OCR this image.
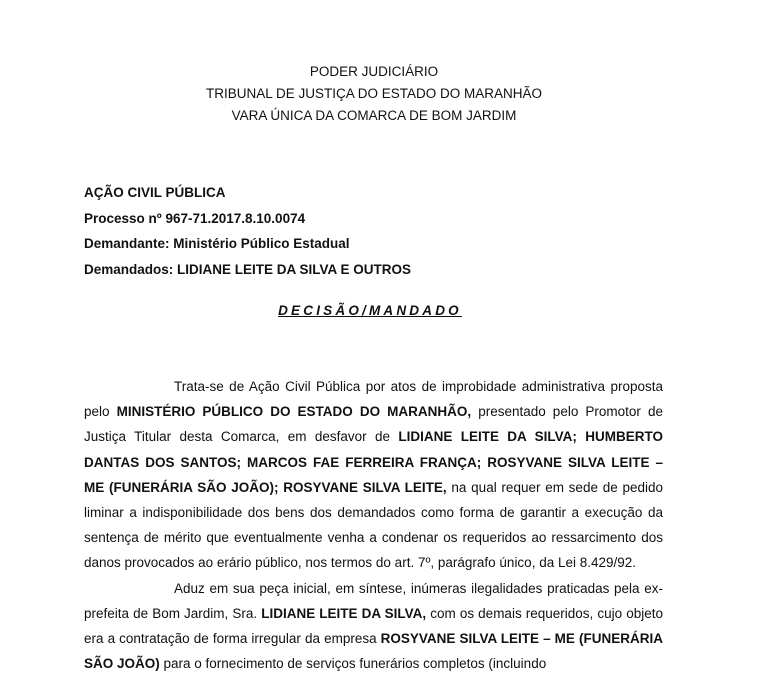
PODER JUDICIÁRIO
TRIBUNAL DE JUSTIÇA DO ESTADO DO MARANHÃO
VARA ÚNICA DA COMARCA DE BOM JARDIM
AÇÃO CIVIL PÚBLICA
Processo nº 967-71.2017.8.10.0074
Demandante: Ministério Público Estadual
Demandados: LIDIANE LEITE DA SILVA E OUTROS
DECISÃO/MANDADO

Trata-se de Ação Civil Pública por atos de improbidade administrativa proposta pelo MINISTÉRIO PÚBLICO DO ESTADO DO MARANHÃO, presentado pelo Promotor de Justiça Titular desta Comarca, em desfavor de LIDIANE LEITE DA SILVA; HUMBERTO DANTAS DOS SANTOS; MARCOS FAE FERREIRA FRANÇA; ROSYVANE SILVA LEITE – ME (FUNERÁRIA SÃO JOÃO); ROSYVANE SILVA LEITE, na qual requer em sede de pedido liminar a indisponibilidade dos bens dos demandados como forma de garantir a execução da sentença de mérito que eventualmente venha a condenar os requeridos ao ressarcimento dos danos provocados ao erário público, nos termos do art. 7º, parágrafo único, da Lei 8.429/92.

Aduz em sua peça inicial, em síntese, inúmeras ilegalidades praticadas pela ex-prefeita de Bom Jardim, Sra. LIDIANE LEITE DA SILVA, com os demais requeridos, cujo objeto era a contratação de forma irregular da empresa ROSYVANE SILVA LEITE – ME (FUNERÁRIA SÃO JOÃO) para o fornecimento de serviços funerários completos (incluindo
